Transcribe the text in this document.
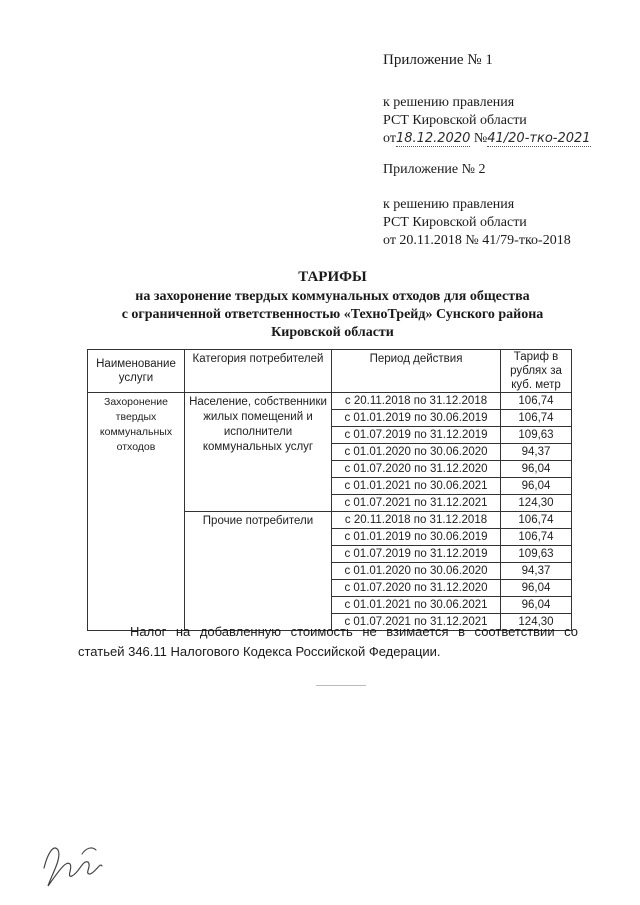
Приложение № 1
к решению правления
РСТ Кировской области
от18.12.2020 №41/20-тко-2021
Приложение № 2
к решению правления
РСТ Кировской области
от 20.11.2018 № 41/79-тко-2018
ТАРИФЫ
на захоронение твердых коммунальных отходов для общества
с ограниченной ответственностью «ТехноТрейд» Сунского района
Кировской области
Наименование услуги	Категория потребителей	Период действия	Тариф в рублях за куб. метр
Захоронение твердых коммунальных отходов	Население, собственники жилых помещений и исполнители коммунальных услуг	с 20.11.2018 по 31.12.2018	106,74
		с 01.01.2019 по 30.06.2019	106,74
		с 01.07.2019 по 31.12.2019	109,63
		с 01.01.2020 по 30.06.2020	94,37
		с 01.07.2020 по 31.12.2020	96,04
		с 01.01.2021 по 30.06.2021	96,04
		с 01.07.2021 по 31.12.2021	124,30
	Прочие потребители	с 20.11.2018 по 31.12.2018	106,74
		с 01.01.2019 по 30.06.2019	106,74
		с 01.07.2019 по 31.12.2019	109,63
		с 01.01.2020 по 30.06.2020	94,37
		с 01.07.2020 по 31.12.2020	96,04
		с 01.01.2021 по 30.06.2021	96,04
		с 01.07.2021 по 31.12.2021	124,30
Налог на добавленную стоимость не взимается в соответствии со статьей 346.11 Налогового Кодекса Российской Федерации.
